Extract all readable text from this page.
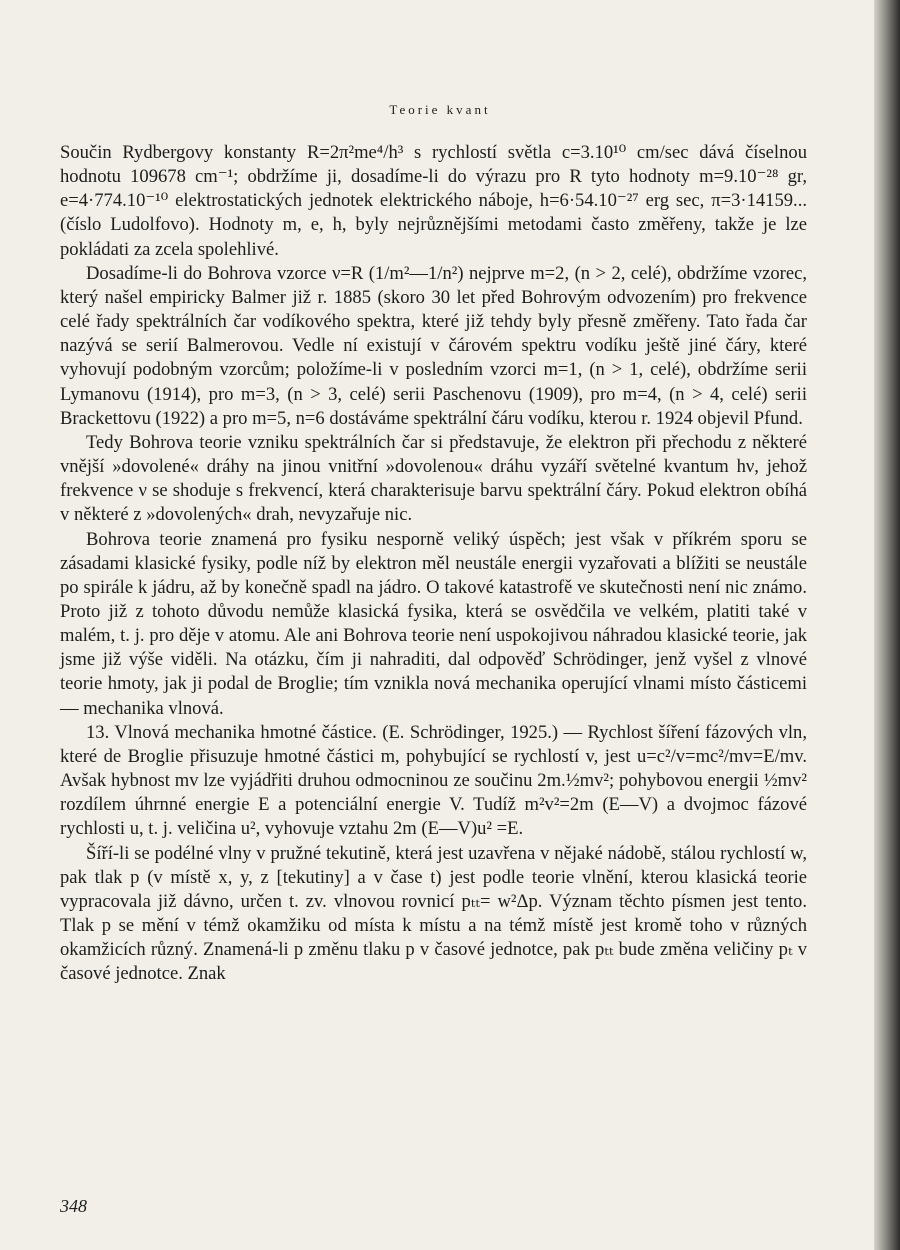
Teorie kvant

Součin Rydbergovy konstanty R=2π²me⁴/h³ s rychlostí světla c=3.10¹⁰ cm/sec dává číselnou hodnotu 109678 cm⁻¹; obdržíme ji, dosadíme-li do výrazu pro R tyto hodnoty m=9.10⁻²⁸ gr, e=4·774.10⁻¹⁰ elektrostatických jednotek elektrického náboje, h=6·54.10⁻²⁷ erg sec, π=3·14159... (číslo Ludolfovo). Hodnoty m, e, h, byly nejrůznějšími metodami často změřeny, takže je lze pokládati za zcela spolehlivé.

Dosadíme-li do Bohrova vzorce ν=R (1/m²—1/n²) nejprve m=2, (n > 2, celé), obdržíme vzorec, který našel empiricky Balmer již r. 1885 (skoro 30 let před Bohrovým odvozením) pro frekvence celé řady spektrálních čar vodíkového spektra, které již tehdy byly přesně změřeny. Tato řada čar nazývá se serií Balmerovou. Vedle ní existují v čárovém spektru vodíku ještě jiné čáry, které vyhovují podobným vzorcům; položíme-li v posledním vzorci m=1, (n > 1, celé), obdržíme serii Lymanovu (1914), pro m=3, (n > 3, celé) serii Paschenovu (1909), pro m=4, (n > 4, celé) serii Brackettovu (1922) a pro m=5, n=6 dostáváme spektrální čáru vodíku, kterou r. 1924 objevil Pfund.

Tedy Bohrova teorie vzniku spektrálních čar si představuje, že elektron při přechodu z některé vnější »dovolené« dráhy na jinou vnitřní »dovolenou« dráhu vyzáří světelné kvantum hν, jehož frekvence ν se shoduje s frekvencí, která charakterisuje barvu spektrální čáry. Pokud elektron obíhá v některé z »dovolených« drah, nevyzařuje nic.

Bohrova teorie znamená pro fysiku nesporně veliký úspěch; jest však v příkrém sporu se zásadami klasické fysiky, podle níž by elektron měl neustále energii vyzařovati a blížiti se neustále po spirále k jádru, až by konečně spadl na jádro. O takové katastrofě ve skutečnosti není nic známo. Proto již z tohoto důvodu nemůže klasická fysika, která se osvědčila ve velkém, platiti také v malém, t. j. pro děje v atomu. Ale ani Bohrova teorie není uspokojivou náhradou klasické teorie, jak jsme již výše viděli. Na otázku, čím ji nahraditi, dal odpověď Schrödinger, jenž vyšel z vlnové teorie hmoty, jak ji podal de Broglie; tím vznikla nová mechanika operující vlnami místo částicemi — mechanika vlnová.

13. Vlnová mechanika hmotné částice. (E. Schrödinger, 1925.) — Rychlost šíření fázových vln, které de Broglie přisuzuje hmotné částici m, pohybující se rychlostí v, jest u=c²/v=mc²/mv=E/mv. Avšak hybnost mv lze vyjádřiti druhou odmocninou ze součinu 2m.½mv²; pohybovou energii ½mv² rozdílem úhrnné energie E a potenciální energie V. Tudíž m²v²=2m (E—V) a dvojmoc fázové rychlosti u, t. j. veličina u², vyhovuje vztahu 2m (E—V)u² =E.

Šíří-li se podélné vlny v pružné tekutině, která jest uzavřena v nějaké nádobě, stálou rychlostí w, pak tlak p (v místě x, y, z [tekutiny] a v čase t) jest podle teorie vlnění, kterou klasická teorie vypracovala již dávno, určen t. zv. vlnovou rovnicí pₜₜ= w²Δp. Význam těchto písmen jest tento. Tlak p se mění v témž okamžiku od místa k místu a na témž místě jest kromě toho v různých okamžicích různý. Znamená-li p změnu tlaku p v časové jednotce, pak pₜₜ bude změna veličiny pₜ v časové jednotce. Znak

348
